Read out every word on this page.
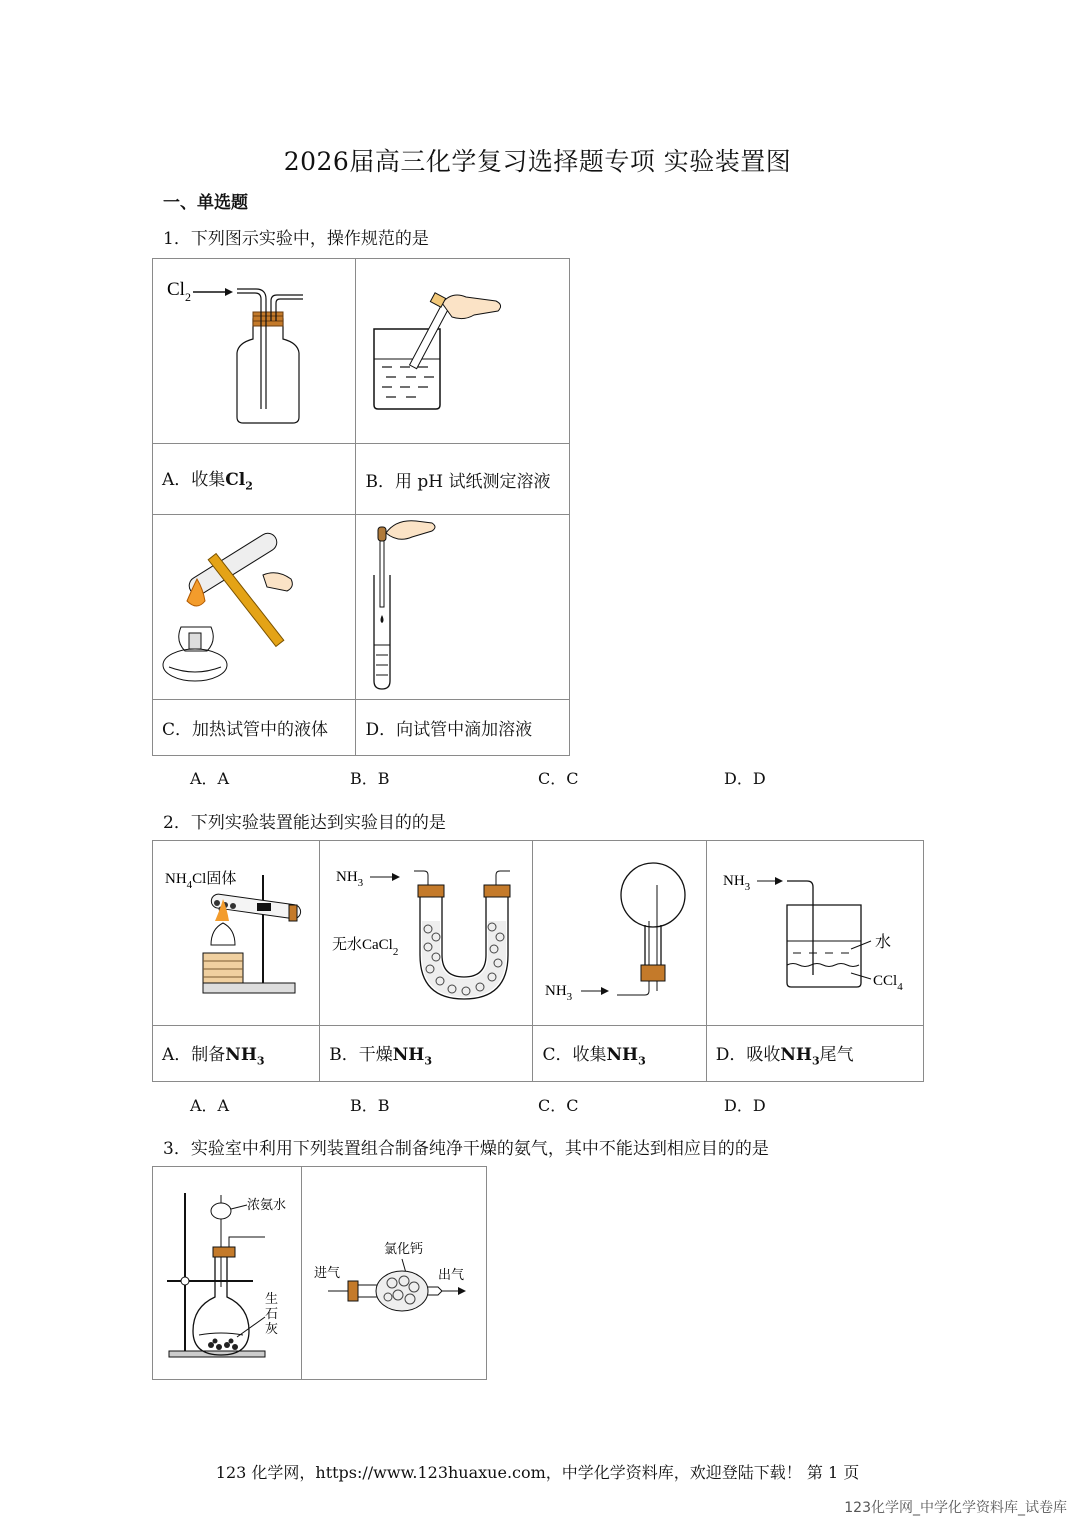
2026届高三化学复习选择题专项 实验装置图
一、单选题
1．下列图示实验中，操作规范的是
$Cl_2$

A．收集$Cl_2$	B．用 pH 试纸测定溶液

C．加热试管中的液体	D．向试管中滴加溶液
A．A	B．B	C．C	D．D
2．下列实验装置能达到实验目的的是
$NH_4Cl$固体	$NH_3$
无水CaCl$_2$	$NH_3$	$NH_3$
水
CCl$_4$

A．制备$NH_3$	B．干燥$NH_3$	C．收集$NH_3$	D．吸收$NH_3$尾气
A．A	B．B	C．C	D．D
3．实验室中利用下列装置组合制备纯净干燥的氨气，其中不能达到相应目的的是
浓氨水
生
石
灰

氯化钙
进气	出气
123 化学网，https://www.123huaxue.com，中学化学资料库，欢迎登陆下载！ 第 1 页
123化学网_中学化学资料库_试卷库
